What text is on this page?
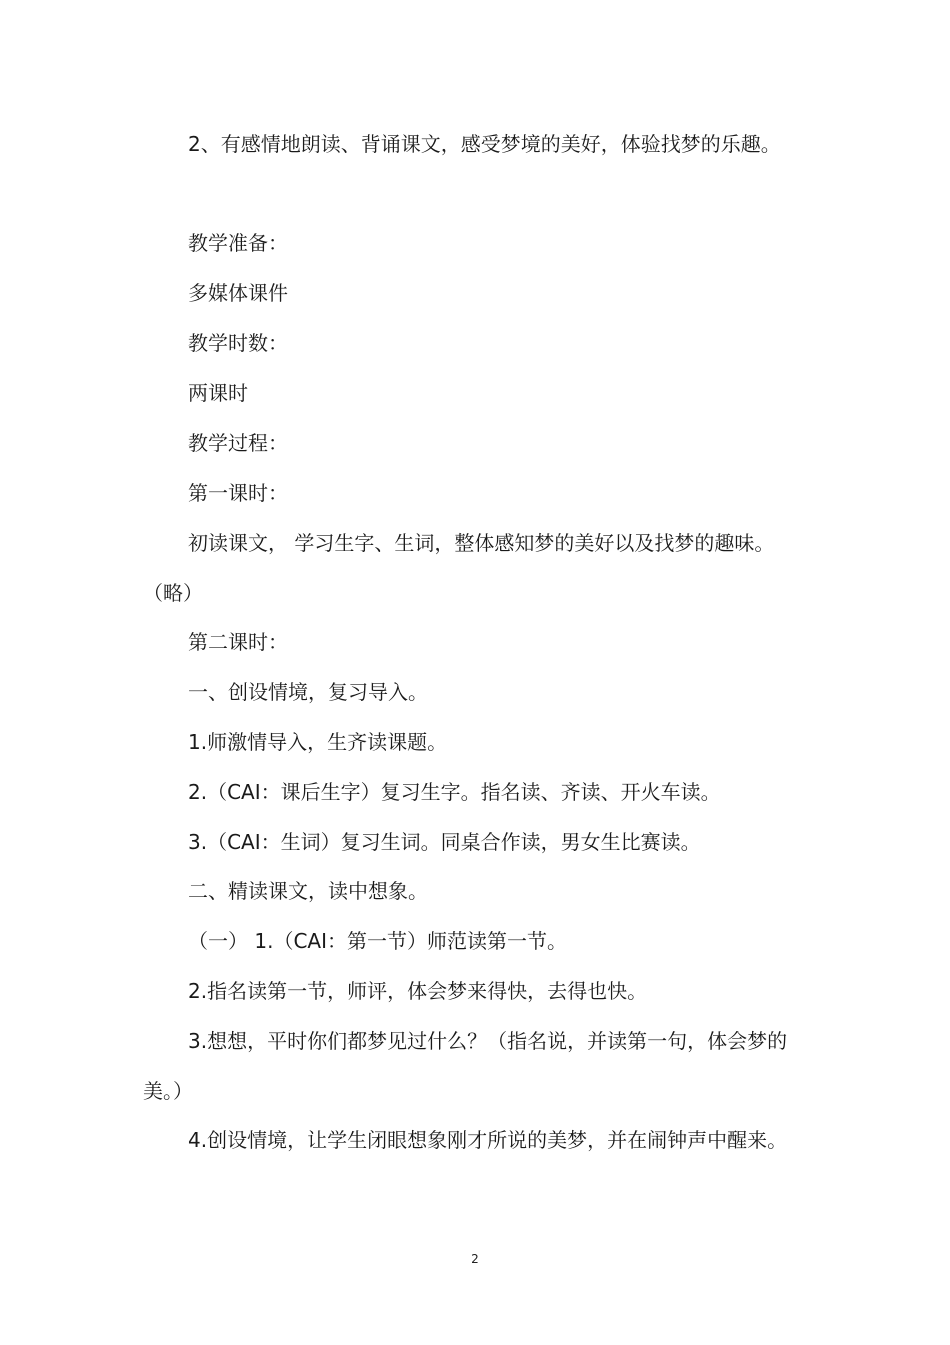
2、有感情地朗读、背诵课文，感受梦境的美好，体验找梦的乐趣。

教学准备：

多媒体课件

教学时数：

两课时

教学过程：

第一课时：

初读课文， 学习生字、生词，整体感知梦的美好以及找梦的趣味。（略）

第二课时：

一、创设情境，复习导入。

1.师激情导入，生齐读课题。

2.（CAI：课后生字）复习生字。指名读、齐读、开火车读。

3.（CAI：生词）复习生词。同桌合作读，男女生比赛读。

二、精读课文，读中想象。

（一） 1.（CAI：第一节）师范读第一节。

2.指名读第一节，师评，体会梦来得快，去得也快。

3.想想，平时你们都梦见过什么？（指名说，并读第一句，体会梦的美。）

4.创设情境，让学生闭眼想象刚才所说的美梦，并在闹钟声中醒来。

2
